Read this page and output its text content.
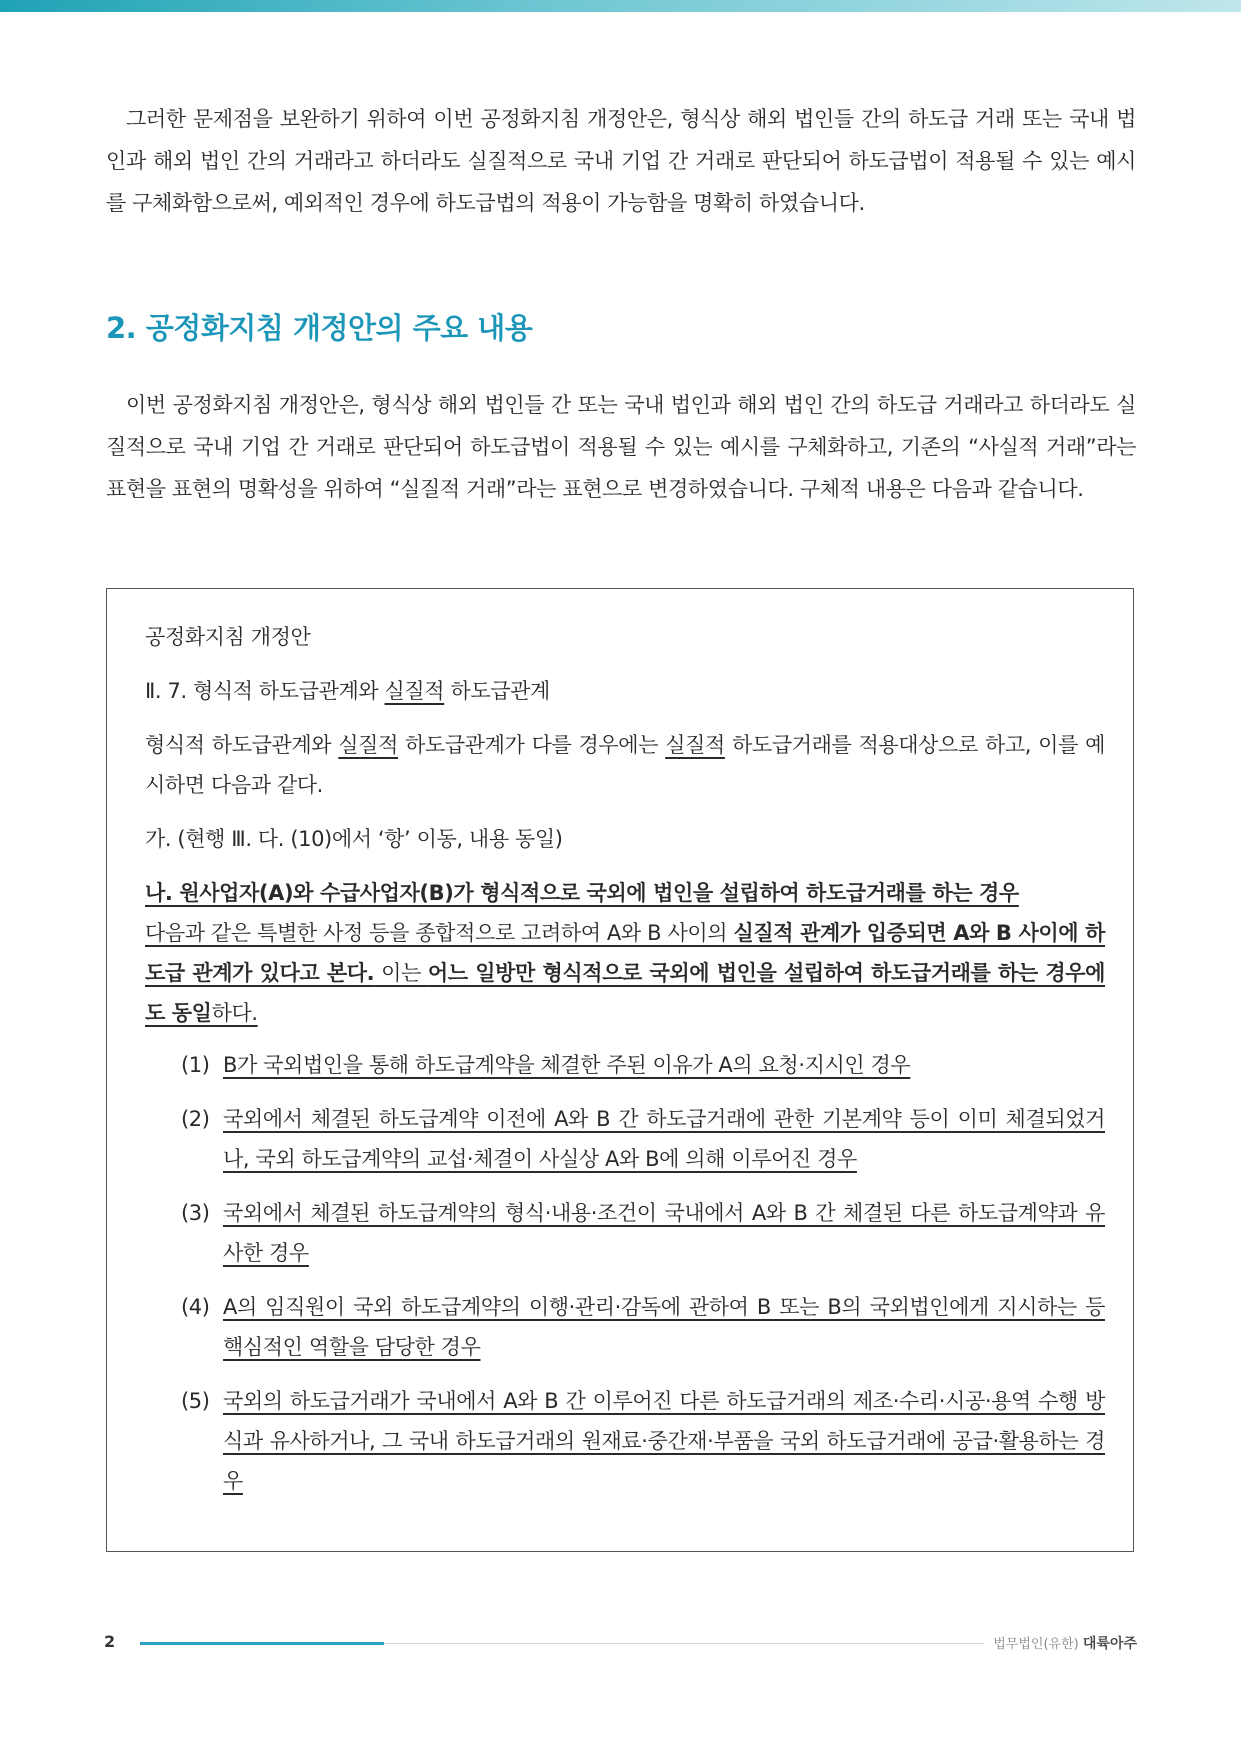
그러한 문제점을 보완하기 위하여 이번 공정화지침 개정안은, 형식상 해외 법인들 간의 하도급 거래 또는 국내 법인과 해외 법인 간의 거래라고 하더라도 실질적으로 국내 기업 간 거래로 판단되어 하도급법이 적용될 수 있는 예시를 구체화함으로써, 예외적인 경우에 하도급법의 적용이 가능함을 명확히 하였습니다.

2. 공정화지침 개정안의 주요 내용

이번 공정화지침 개정안은, 형식상 해외 법인들 간 또는 국내 법인과 해외 법인 간의 하도급 거래라고 하더라도 실질적으로 국내 기업 간 거래로 판단되어 하도급법이 적용될 수 있는 예시를 구체화하고, 기존의 “사실적 거래”라는 표현을 표현의 명확성을 위하여 “실질적 거래”라는 표현으로 변경하였습니다. 구체적 내용은 다음과 같습니다.

공정화지침 개정안

Ⅱ. 7. 형식적 하도급관계와 실질적 하도급관계

형식적 하도급관계와 실질적 하도급관계가 다를 경우에는 실질적 하도급거래를 적용대상으로 하고, 이를 예시하면 다음과 같다.

가. (현행 Ⅲ. 다. (10)에서 ‘항’ 이동, 내용 동일)

나. 원사업자(A)와 수급사업자(B)가 형식적으로 국외에 법인을 설립하여 하도급거래를 하는 경우

다음과 같은 특별한 사정 등을 종합적으로 고려하여 A와 B 사이의 실질적 관계가 입증되면 A와 B 사이에 하도급 관계가 있다고 본다. 이는 어느 일방만 형식적으로 국외에 법인을 설립하여 하도급거래를 하는 경우에도 동일하다.

(1) B가 국외법인을 통해 하도급계약을 체결한 주된 이유가 A의 요청·지시인 경우
(2) 국외에서 체결된 하도급계약 이전에 A와 B 간 하도급거래에 관한 기본계약 등이 이미 체결되었거나, 국외 하도급계약의 교섭·체결이 사실상 A와 B에 의해 이루어진 경우
(3) 국외에서 체결된 하도급계약의 형식·내용·조건이 국내에서 A와 B 간 체결된 다른 하도급계약과 유사한 경우
(4) A의 임직원이 국외 하도급계약의 이행·관리·감독에 관하여 B 또는 B의 국외법인에게 지시하는 등 핵심적인 역할을 담당한 경우
(5) 국외의 하도급거래가 국내에서 A와 B 간 이루어진 다른 하도급거래의 제조·수리·시공·용역 수행 방식과 유사하거나, 그 국내 하도급거래의 원재료·중간재·부품을 국외 하도급거래에 공급·활용하는 경우
2	법무법인(유한) 대륙아주
